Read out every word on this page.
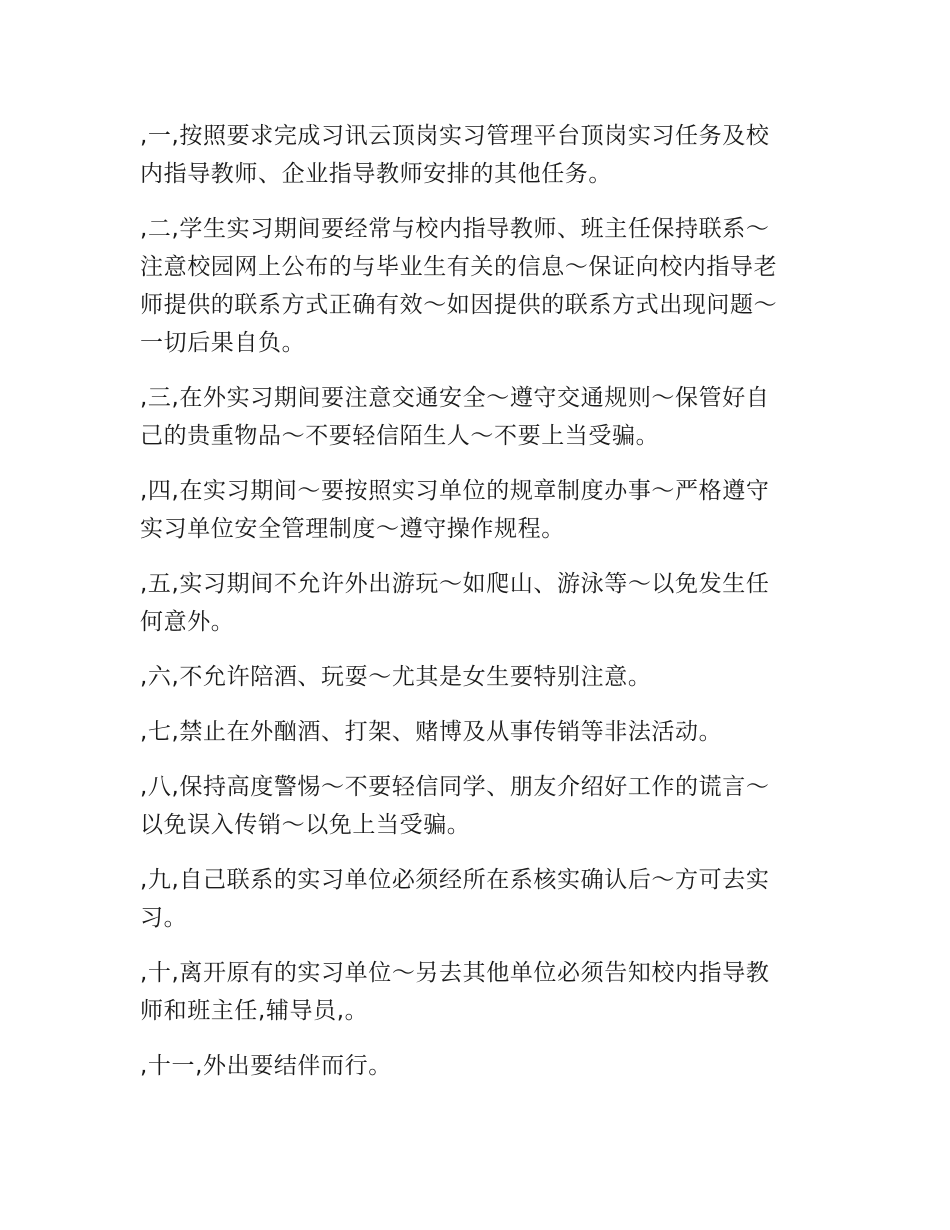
,一,按照要求完成习讯云顶岗实习管理平台顶岗实习任务及校
内指导教师、企业指导教师安排的其他任务。

,二,学生实习期间要经常与校内指导教师、班主任保持联系～
注意校园网上公布的与毕业生有关的信息～保证向校内指导老
师提供的联系方式正确有效～如因提供的联系方式出现问题～
一切后果自负。

,三,在外实习期间要注意交通安全～遵守交通规则～保管好自
己的贵重物品～不要轻信陌生人～不要上当受骗。

,四,在实习期间～要按照实习单位的规章制度办事～严格遵守
实习单位安全管理制度～遵守操作规程。

,五,实习期间不允许外出游玩～如爬山、游泳等～以免发生任
何意外。

,六,不允许陪酒、玩耍～尤其是女生要特别注意。

,七,禁止在外酗酒、打架、赌博及从事传销等非法活动。

,八,保持高度警惕～不要轻信同学、朋友介绍好工作的谎言～
以免误入传销～以免上当受骗。

,九,自己联系的实习单位必须经所在系核实确认后～方可去实
习。

,十,离开原有的实习单位～另去其他单位必须告知校内指导教
师和班主任,辅导员,。

,十一,外出要结伴而行。
